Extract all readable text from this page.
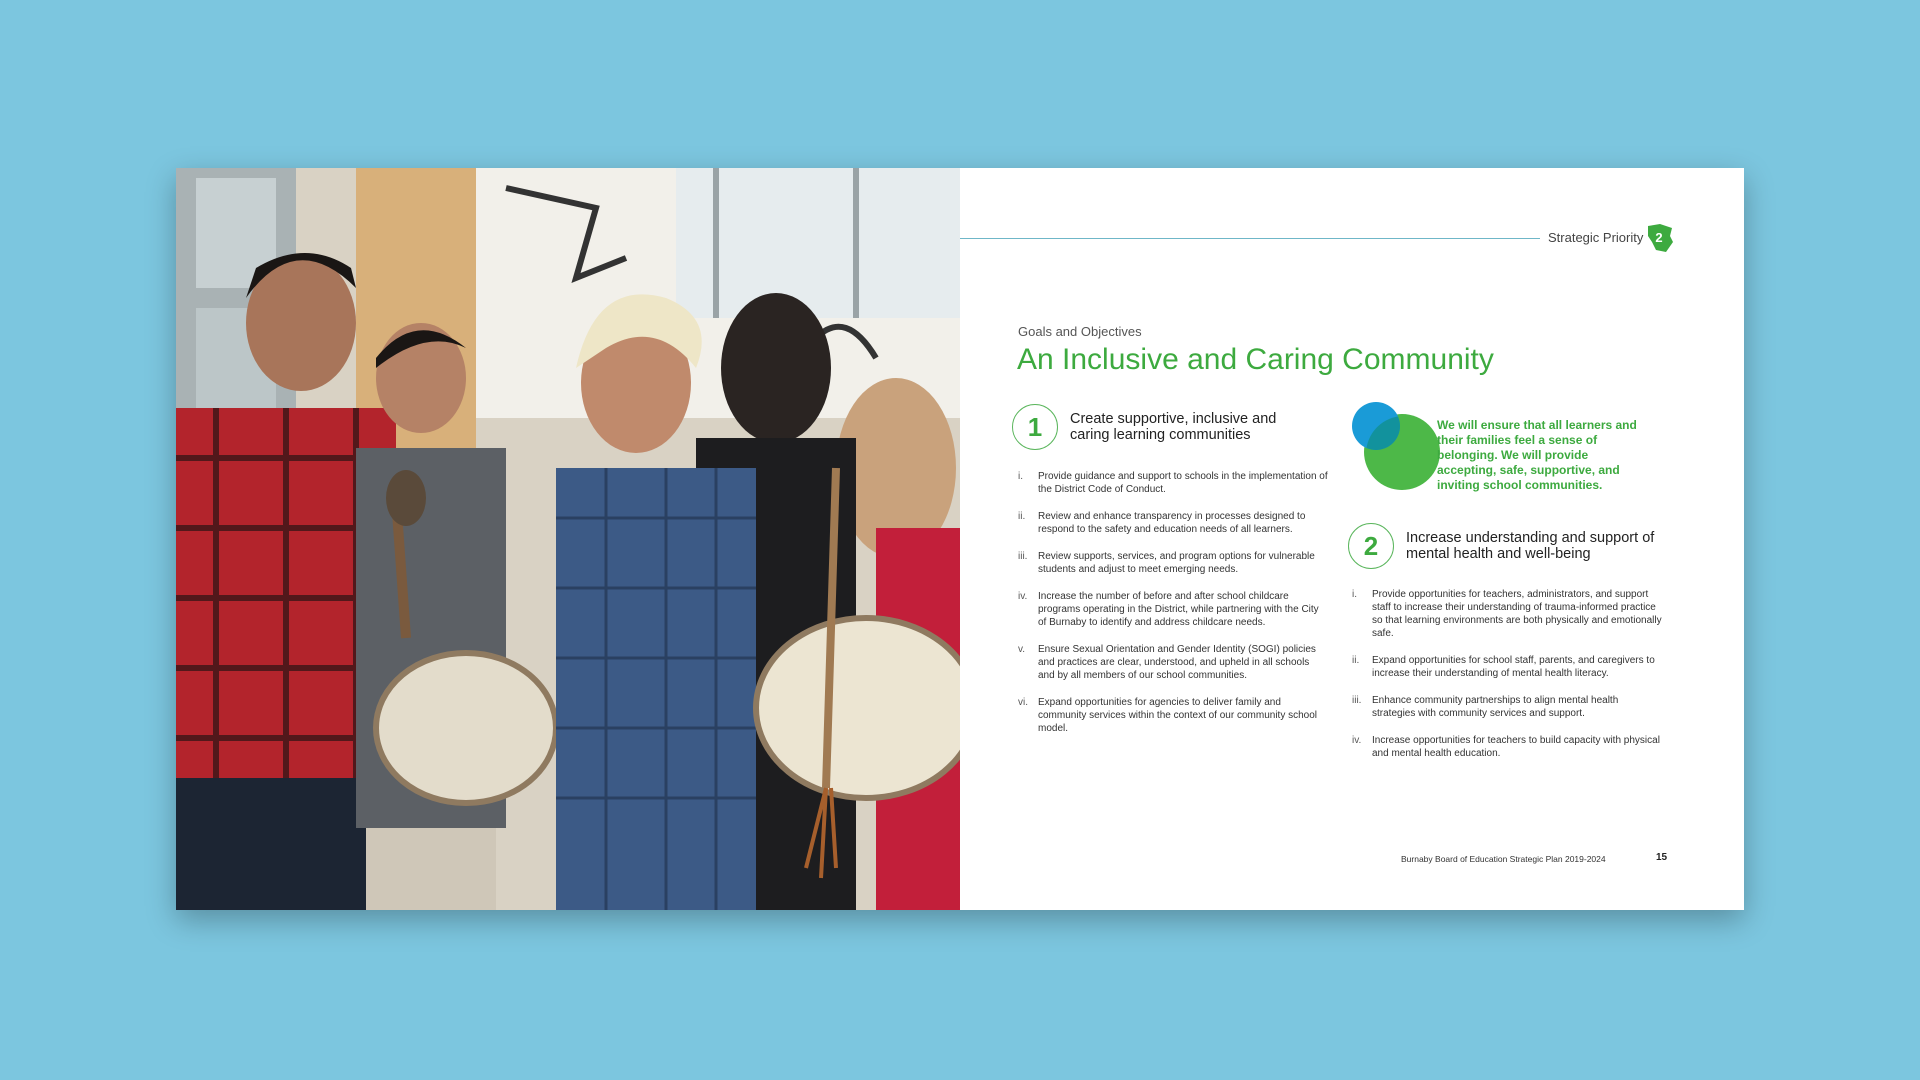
Strategic Priority 2
Goals and Objectives
An Inclusive and Caring Community
1	Create supportive, inclusive and caring learning communities
i.	Provide guidance and support to schools in the implementation of the District Code of Conduct.
ii.	Review and enhance transparency in processes designed to respond to the safety and education needs of all learners.
iii.	Review supports, services, and program options for vulnerable students and adjust to meet emerging needs.
iv.	Increase the number of before and after school childcare programs operating in the District, while partnering with the City of Burnaby to identify and address childcare needs.
v.	Ensure Sexual Orientation and Gender Identity (SOGI) policies and practices are clear, understood, and upheld in all schools and by all members of our school communities.
vi.	Expand opportunities for agencies to deliver family and community services within the context of our community school model.
We will ensure that all learners and their families feel a sense of belonging. We will provide accepting, safe, supportive, and inviting school communities.
2	Increase understanding and support of mental health and well-being
i.	Provide opportunities for teachers, administrators, and support staff to increase their understanding of trauma-informed practice so that learning environments are both physically and emotionally safe.
ii.	Expand opportunities for school staff, parents, and caregivers to increase their understanding of mental health literacy.
iii.	Enhance community partnerships to align mental health strategies with community services and support.
iv.	Increase opportunities for teachers to build capacity with physical and mental health education.
Burnaby Board of Education Strategic Plan 2019-2024	15
